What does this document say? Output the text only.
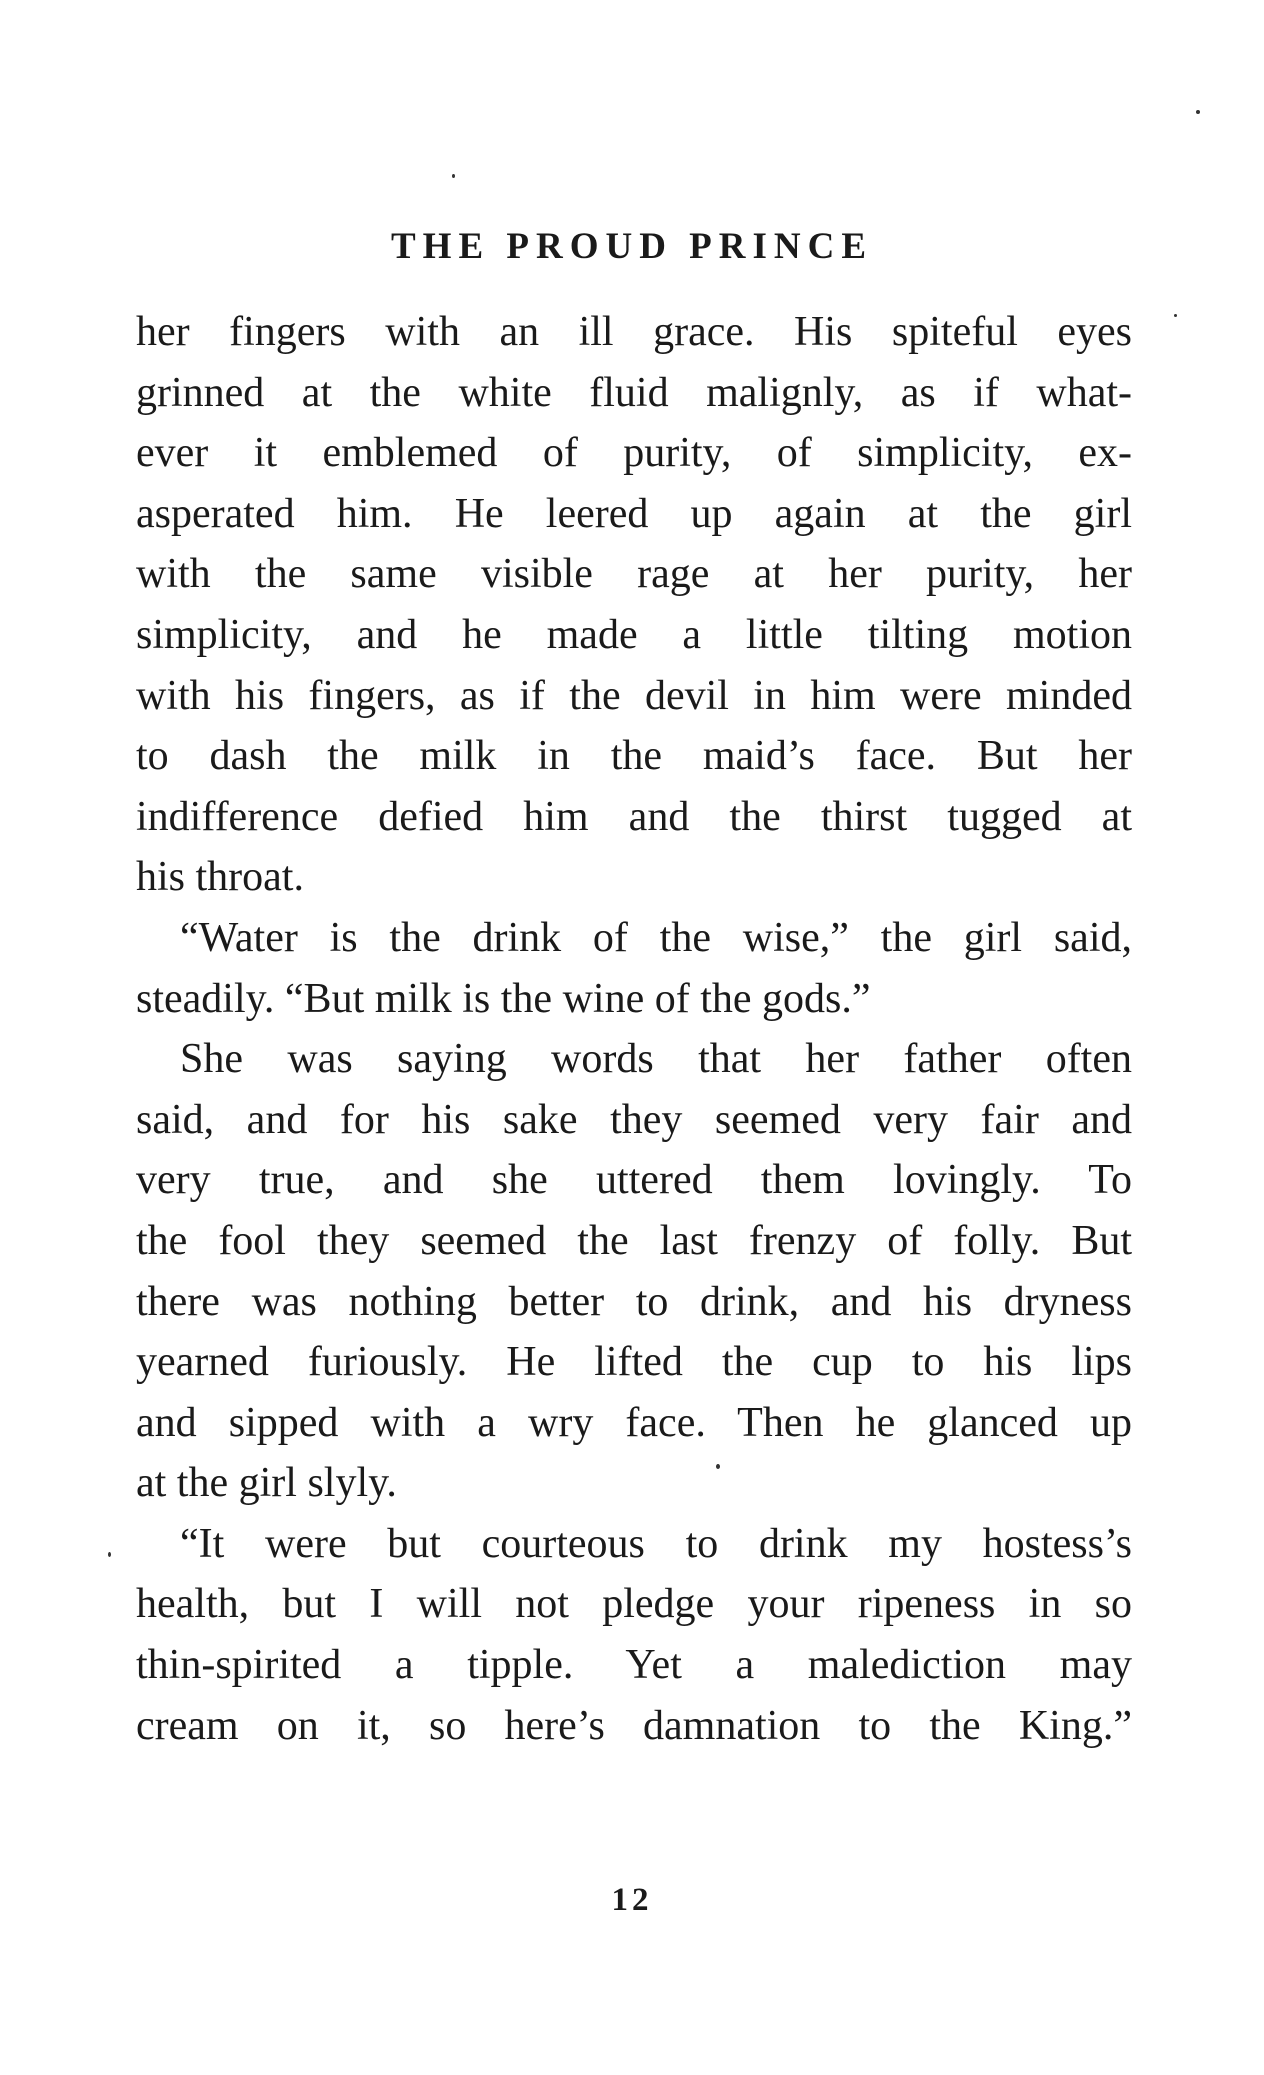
THE PROUD PRINCE
her fingers with an ill grace. His spiteful eyes
grinned at the white fluid malignly, as if what-
ever it emblemed of purity, of simplicity, ex-
asperated him. He leered up again at the girl
with the same visible rage at her purity, her
simplicity, and he made a little tilting motion
with his fingers, as if the devil in him were minded
to dash the milk in the maid’s face. But her
indifference defied him and the thirst tugged at
his throat.
“Water is the drink of the wise,” the girl said,
steadily. “But milk is the wine of the gods.”
She was saying words that her father often
said, and for his sake they seemed very fair and
very true, and she uttered them lovingly. To
the fool they seemed the last frenzy of folly. But
there was nothing better to drink, and his dryness
yearned furiously. He lifted the cup to his lips
and sipped with a wry face. Then he glanced up
at the girl slyly.
“It were but courteous to drink my hostess’s
health, but I will not pledge your ripeness in so
thin-spirited a tipple. Yet a malediction may
cream on it, so here’s damnation to the King.”
12
